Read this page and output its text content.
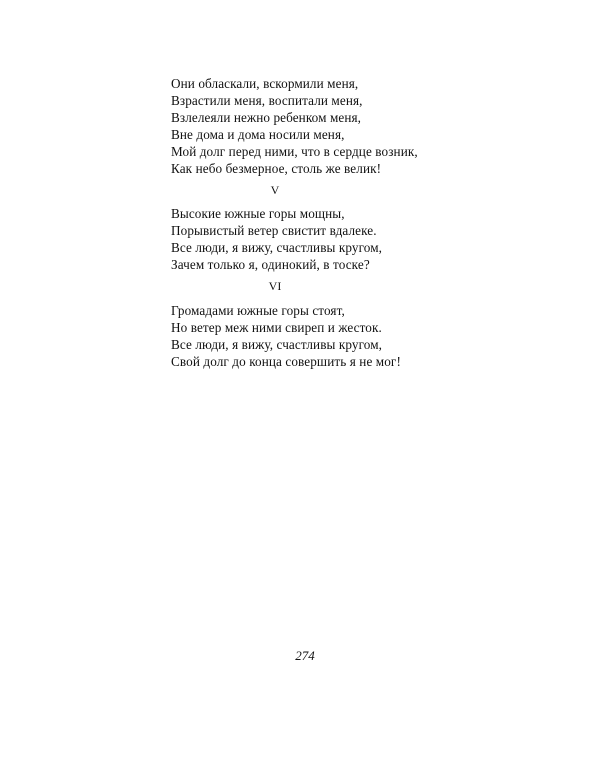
Они обласкали, вскормили меня,
Взрастили меня, воспитали меня,
Взлелеяли нежно ребенком меня,
Вне дома и дома носили меня,
Мой долг перед ними, что в сердце возник,
Как небо безмерное, столь же велик!
V
Высокие южные горы мощны,
Порывистый ветер свистит вдалеке.
Все люди, я вижу, счастливы кругом,
Зачем только я, одинокий, в тоске?
VI
Громадами южные горы стоят,
Но ветер меж ними свиреп и жесток.
Все люди, я вижу, счастливы кругом,
Свой долг до конца совершить я не мог!
274
